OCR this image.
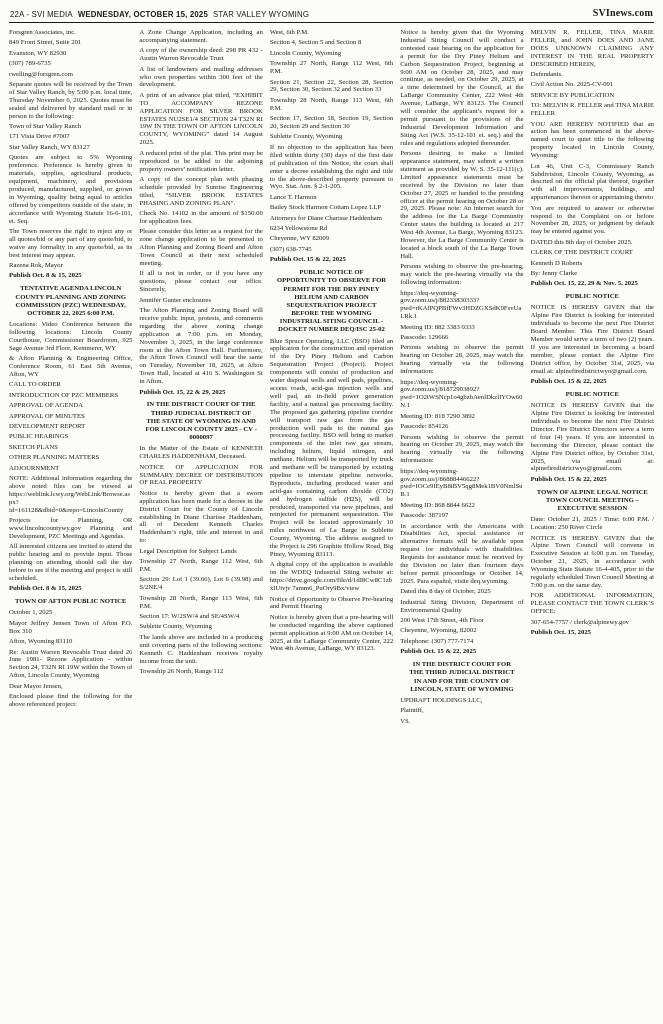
22A - SVI MEDIA WEDNESDAY, OCTOBER 15, 2025 STAR VALLEY WYOMING	SVInews.com
Forsgren Associates, inc.
849 Front Street, Suite 201
Evanston, WY 82930
(307) 789-6735
rwelling@forsgren.com
Separate quotes will be received by the Town of Star Valley Ranch, by 5:00 p.m. local time, Thursday November 6, 2025. Quotes must be sealed and delivered by standard mail or in person to the following:
Town of Star Valley Ranch
171 Vista Drive #7007
Star Valley Ranch, WY 83127
Quotes are subject to 5% Wyoming preference. Preference is hereby given to materials, supplies, agricultural products, equipment, machinery, and provisions produced, manufactured, supplied, or grown in Wyoming, quality being equal to articles offered by competitors outside of the state, in accordance with Wyoming Statute 16-6-101, et. Seq.
The Town reserves the right to reject any or all quotes/bid or any part of any quote/bid, to waive any formality in any quote/bid, as its best interest may appear.
Razena Rok, Mayor
Publish Oct. 8 & 15, 2025
TENTATIVE AGENDA LINCOLN COUNTY PLANNING AND ZONING COMMISSION (PZC) WEDNESDAY, OCTOBER 22, 2025 6:00 P.M.
Locations: Video Conference between the following locations: Lincoln County Courthouse, Commissioner Boardroom, 925 Sage Avenue 3rd Floor, Kemmerer, WY
& Afton Planning & Engineering Office, Conference Room, 61 East 5th Avenue, Afton, WY
CALL TO ORDER
INTRODUCTION OF PZC MEMBERS
APPROVAL OF AGENDA
APPROVAL OF MINUTES
DEVELOPMENT REPORT
PUBLIC HEARINGS
SKETCH PLANS
OTHER PLANNING MATTERS
ADJOURNMENT
NOTE: Additional information regarding the above noted files can be viewed at https://weblink.lcwy.org/WebLink/Browse.aspx?id=161128&dbid=0&repo=LincolnCounty
Projects for Planning, OR www.lincolncountywy.gov Planning and Development, PZC Meetings and Agendas.
All interested citizens are invited to attend the public hearing and to provide input. Those planning on attending should call the day before to see if the meeting and project is still scheduled.
Publish Oct. 8 & 15, 2025
TOWN OF AFTON PUBLIC NOTICE
October 1, 2025
Mayor Jeffrey Jensen Town of Afton P.O. Box 310
Afton, Wyoming 83110
Re: Austin Warren Revocable Trust dated 26 June 1981- Rezone Application - within Section 24, T32N RI 19W within the Town of Afton, Lincoln County, Wyoming
Dear Mayor Jensen,
Enclosed please find the following for the above referenced project:
A Zone Change Application, including an accompanying statement.
A copy of the ownership deed: 298 PR 432 - Austin Warren Revocable Trust
A list of landowners and mailing addresses who own properties within 300 feet of the development.
A print of an advance plat titled, “EXHIBIT TO ACCOMPANY REZONE APPLICATION FOR SILVER BROOK ESTATES NU2SE1/4 SECTION 24 T32N RI 19W IN THE TOWN OF AFTON LINCOLN COUNTY, WYOMING” dated 14 August 2025.
A reduced print of the plat. This print may be reproduced to be added to the adjoining property owners’ notification letter.
A copy of the concept plan with phasing schedule provided by Sunrise Engineering titled, “SILVER BROOK ESTATES PHASING AND ZONING PLAN”.
Check No. 14102 in the amount of $150.00 for application fees.
Please consider this letter as a request for the zone change application to be presented to Afton Planning and Zoning Board and Afton Town Council at their next scheduled meeting.
If all is not in order, or if you have any questions, please contact our office. Sincerely,
Jennifer Gunter enclosures
The Afton Planning and Zoning Board will receive public input, protests, and comments regarding the above zoning change application at 7:00 p.m. on Monday, November 3, 2025, in the large conference room at the Afton Town Hall. Furthermore, the Afton Town Council will hear the same on Tuesday, November 18, 2025, at Afton Town Hall, located at 416 S. Washington St in Afton.
Publish Oct. 15, 22 & 29, 2025
IN THE DISTRICT COURT OF THE THIRD JUDICIAL DISTRICT OF THE STATE OF WYOMING IN AND FOR LINCOLN COUNTY 2025 - CV - 0000097
In the Matter of the Estate of KENNETH CHARLES HADDENHAM, Deceased.
NOTICE OF APPLICATION FOR SUMMARY DECREE OF DISTRIBUTION OF REAL PROPERTY
Notice is hereby given that a sworn application has been made for a decree in the District Court for the County of Lincoln establishing in Diane Charisse Haddenham, all of Decedent Kenneth Charles Haddenham’s right, title and interest in and to:
Legal Description for Subject Lands
Township 27 North, Range 112 West, 6th P.M.
Section 29: Lot 1 (39.66), Lot 6 (39.98) and S/2NE/4
Township 28 North, Range 113 West, 6th P.M.
Section 17: W/2SW/4 and SE/4SW/4
Sublette County, Wyoming
The lands above are included in a producing unit covering parts of the following sections: Kenneth C. Haddenham receives royalty income from the unit.
Township 26 North, Range 112
West, 6th P.M.
Section 4, Section 5 and Section 8
Lincoln County, Wyoming
Township 27 North, Range 112 West, 6th P.M.
Section 21, Section 22, Section 28, Section 29, Section 30, Section 32 and Section 33
Township 28 North, Range 113 West, 6th P.M.
Section 17, Section 18, Section 19, Section 20, Section 29 and Section 30
Sublette County, Wyoming
If no objection to the application has been filed within thirty (30) days of the first date of publication of this Notice, the court shall enter a decree establishing the right and title to the above-described property pursuant to Wyo. Stat. Ann. § 2-1-205.
Lance T. Harmon
Bailey Stock Harmon Cottam Lopez LLP
Attorneys for Diane Charisse Haddenham
6234 Yellowstone Rd
Cheyenne, WY 82009
(307) 638-7745
Publish Oct. 15 & 22, 2025
PUBLIC NOTICE OF OPPORTUNITY TO OBSERVE FOR PERMIT FOR THE DRY PINEY HELIUM AND CARBON SEQUESTRATION PROJECT BEFORE THE WYOMING INDUSTRIAL SITING COUNCIL - DOCKET NUMBER DEQ/ISC 25-02
Blue Spruce Operating, LLC (BSO) filed an application for the construction and operation of the Dry Piney Helium and Carbon Sequestration Project (Project). Project components will consist of production and water disposal wells and well pads, pipelines, access roads, acid-gas injection wells and well pad, an in-field power generation facility, and a natural gas processing facility. The proposed gas gathering pipeline corridor will transport raw gas from the gas production well pads to the natural gas processing facility. BSO will bring to market components of the inlet raw gas stream, including helium, liquid nitrogen, and methane. Helium will be transported by truck and methane will be transported by existing pipeline to interstate pipeline networks. Byproducts, including produced water and acid-gas containing carbon dioxide (CO2) and hydrogen sulfide (H2S), will be produced, transported via new pipelines, and reinjected for permanent sequestration. The Project will be located approximately 10 miles northwest of La Barge in Sublette County, Wyoming. The address assigned to the Project is 296 Graphite Hollow Road, Big Piney, Wyoming 83113.
A digital copy of the application is available on the WDEQ Industrial Siting website at: https://drive.google.com/file/d/1dI8Cw8C1zbxIUivjv 7amm6_PuOry9Bx/view
Notice of Opportunity to Observe Pre-hearing and Permit Hearing
Notice is hereby given that a pre-hearing will be conducted regarding the above captioned permit application at 9:00 AM on October 14, 2025, at the LaBarge Community Center, 222 West 4th Avenue, LaBarge, WY 83123.
Notice is hereby given that the Wyoming Industrial Siting Council will conduct a contested case hearing on the application for a permit for the Dry Piney Helium and Carbon Sequestration Project, beginning at 9:00 AM on October 28, 2025, and may continue, as needed, on October 29, 2025, at a time determined by the Council, at the LaBarge Community Center, 222 West 4th Avenue, LaBarge, WY 83123. The Council will consider the applicant’s request for a permit pursuant to the provisions of the Industrial Development Information and Siting Act (W.S. 35-12-101 et. seq.) and the rules and regulations adopted thereunder.
Persons desiring to make a limited appearance statement, may submit a written statement as provided by W. S. 35-12-111(c). Limited appearance statements must be received by the Division no later than October 27, 2025 or handed to the presiding officer at the permit hearing on October 28 or 29, 2025. Please note: An internet search for the address for the La Barge Community Center states the building is located at 217 West 4th Avenue, La Barge, Wyoming 83123. However, the La Barge Community Center is located a block south of the La Barge Town Hall.
Persons wishing to observe the pre-hearing, may watch the pre-hearing virtually via the following information:
https://deq-wyoming-gov.zoom.us/j/88233830333?pwd=rKAfPQPBfFWv3HDZGXSdK9FsvUaLRk.1
Meeting ID: 882 3383 0333
Passcode: 129666
Persons wishing to observe the permit hearing on October 28, 2025, may watch the hearing virtually via the following information:
https://deq-wyoming-gov.zoom.us/j/81872903892?pwd=1O2tWSNcp1o4gbzbAenlDkzlIYOw60N.1
Meeting ID: 818 7290 3892
Passcode: 854126
Persons wishing to observe the permit hearing on October 29, 2025, may watch the hearing virtually via the following information:
https://deq-wyoming-gov.zoom.us/j/86888446622?pwd=IOCe9IEyB8iBV5qg8Mek1BV0NmlSuB.1
Meeting ID: 868 8844 6622
Passcode: 387197
In accordance with the Americans with Disabilities Act, special assistance or alternative formats will be available upon request for individuals with disabilities. Requests for assistance must be received by the Division no later than fourteen days before permit proceedings or October 14, 2025. Para español, visite deq.wyoming.
Dated this 8 day of October, 2025
Industrial Siting Division, Department of Environmental Quality
200 West 17th Street, 4th Floor
Cheyenne, Wyoming, 82002
Telephone: (307) 777-7174
Publish Oct. 15 & 22, 2025
IN THE DISTRICT COURT FOR THE THIRD JUDICIAL DISTRICT IN AND FOR THE COUNTY OF LINCOLN, STATE OF WYOMING
UPDRAFT HOLDINGS LLC,
Plaintiff,
VS.
MELVIN R. FELLER, TINA MARIE FELLER, and JOHN DOES AND JANE DOES UNKNOWN CLAIMING ANY INTEREST IN THE REAL PROPERTY DESCRIBED HEREIN,
Defendants.
Civil Action No. 2025-CV-091
SERVICE BY PUBLICATION
TO: MELVIN R. FELLER and TINA MARIE FELLER
YOU ARE HEREBY NOTIFIED that an action has been commenced in the above-named court to quiet title to the following property located in Lincoln County, Wyoming:
Lot 46, Unit C-3, Commissary Ranch Subdivision, Lincoln County, Wyoming, as descried on the official plat thereof, together with all improvements, buildings, and appurtenances thereon or appertaining thereto
You are required to answer or otherwise respond to the Complaint on or before November 28, 2025, or judgment by default may be entered against you.
DATED this 8th day of October 2025.
CLERK OF THE DISTRICT COURT
Kenneth D Roberts
By: Jenny Clarke
Publish Oct. 15, 22, 29 & Nov. 5, 2025
PUBLIC NOTICE
NOTICE IS HEREBY GIVEN that the Alpine Fire District is looking for interested individuals to become the next Fire District Board Member. This Fire District Board Member would serve a term of two (2) years. If you are interested in becoming a board member, please contact the Alpine Fire District office, by October 31st, 2025, via email at: alpinefiredistrictwyo@gmail.com.
Publish Oct. 15 & 22, 2025
PUBLIC NOTICE
NOTICE IS HEREBY GIVEN that the Alpine Fire District is looking for interested individuals to become the next Fire District Director. Fire District Directors serve a term of four (4) years. If you are interested in becoming the Director, please contact the Alpine Fire District office, by October 31st, 2025, via email at: alpinefiredistrictwyo@gmail.com.
Publish Oct. 15 & 22, 2025
TOWN OF ALPINE LEGAL NOTICE TOWN COUNCIL MEETING – EXECUTIVE SESSION
Date: October 21, 2025 / Time: 6:00 P.M. / Location: 250 River Circle
NOTICE IS HEREBY GIVEN that the Alpine Town Council will convene in Executive Session at 6:00 p.m. on Tuesday, October 21, 2025, in accordance with Wyoming State Statute 16-4-405, prior to the regularly scheduled Town Council Meeting at 7:00 p.m. on the same day.
FOR ADDITIONAL INFORMATION, PLEASE CONTACT THE TOWN CLERK’S OFFICE:
307-654-7757 / clerk@alpinewy.gov
Publish Oct. 15, 2025
